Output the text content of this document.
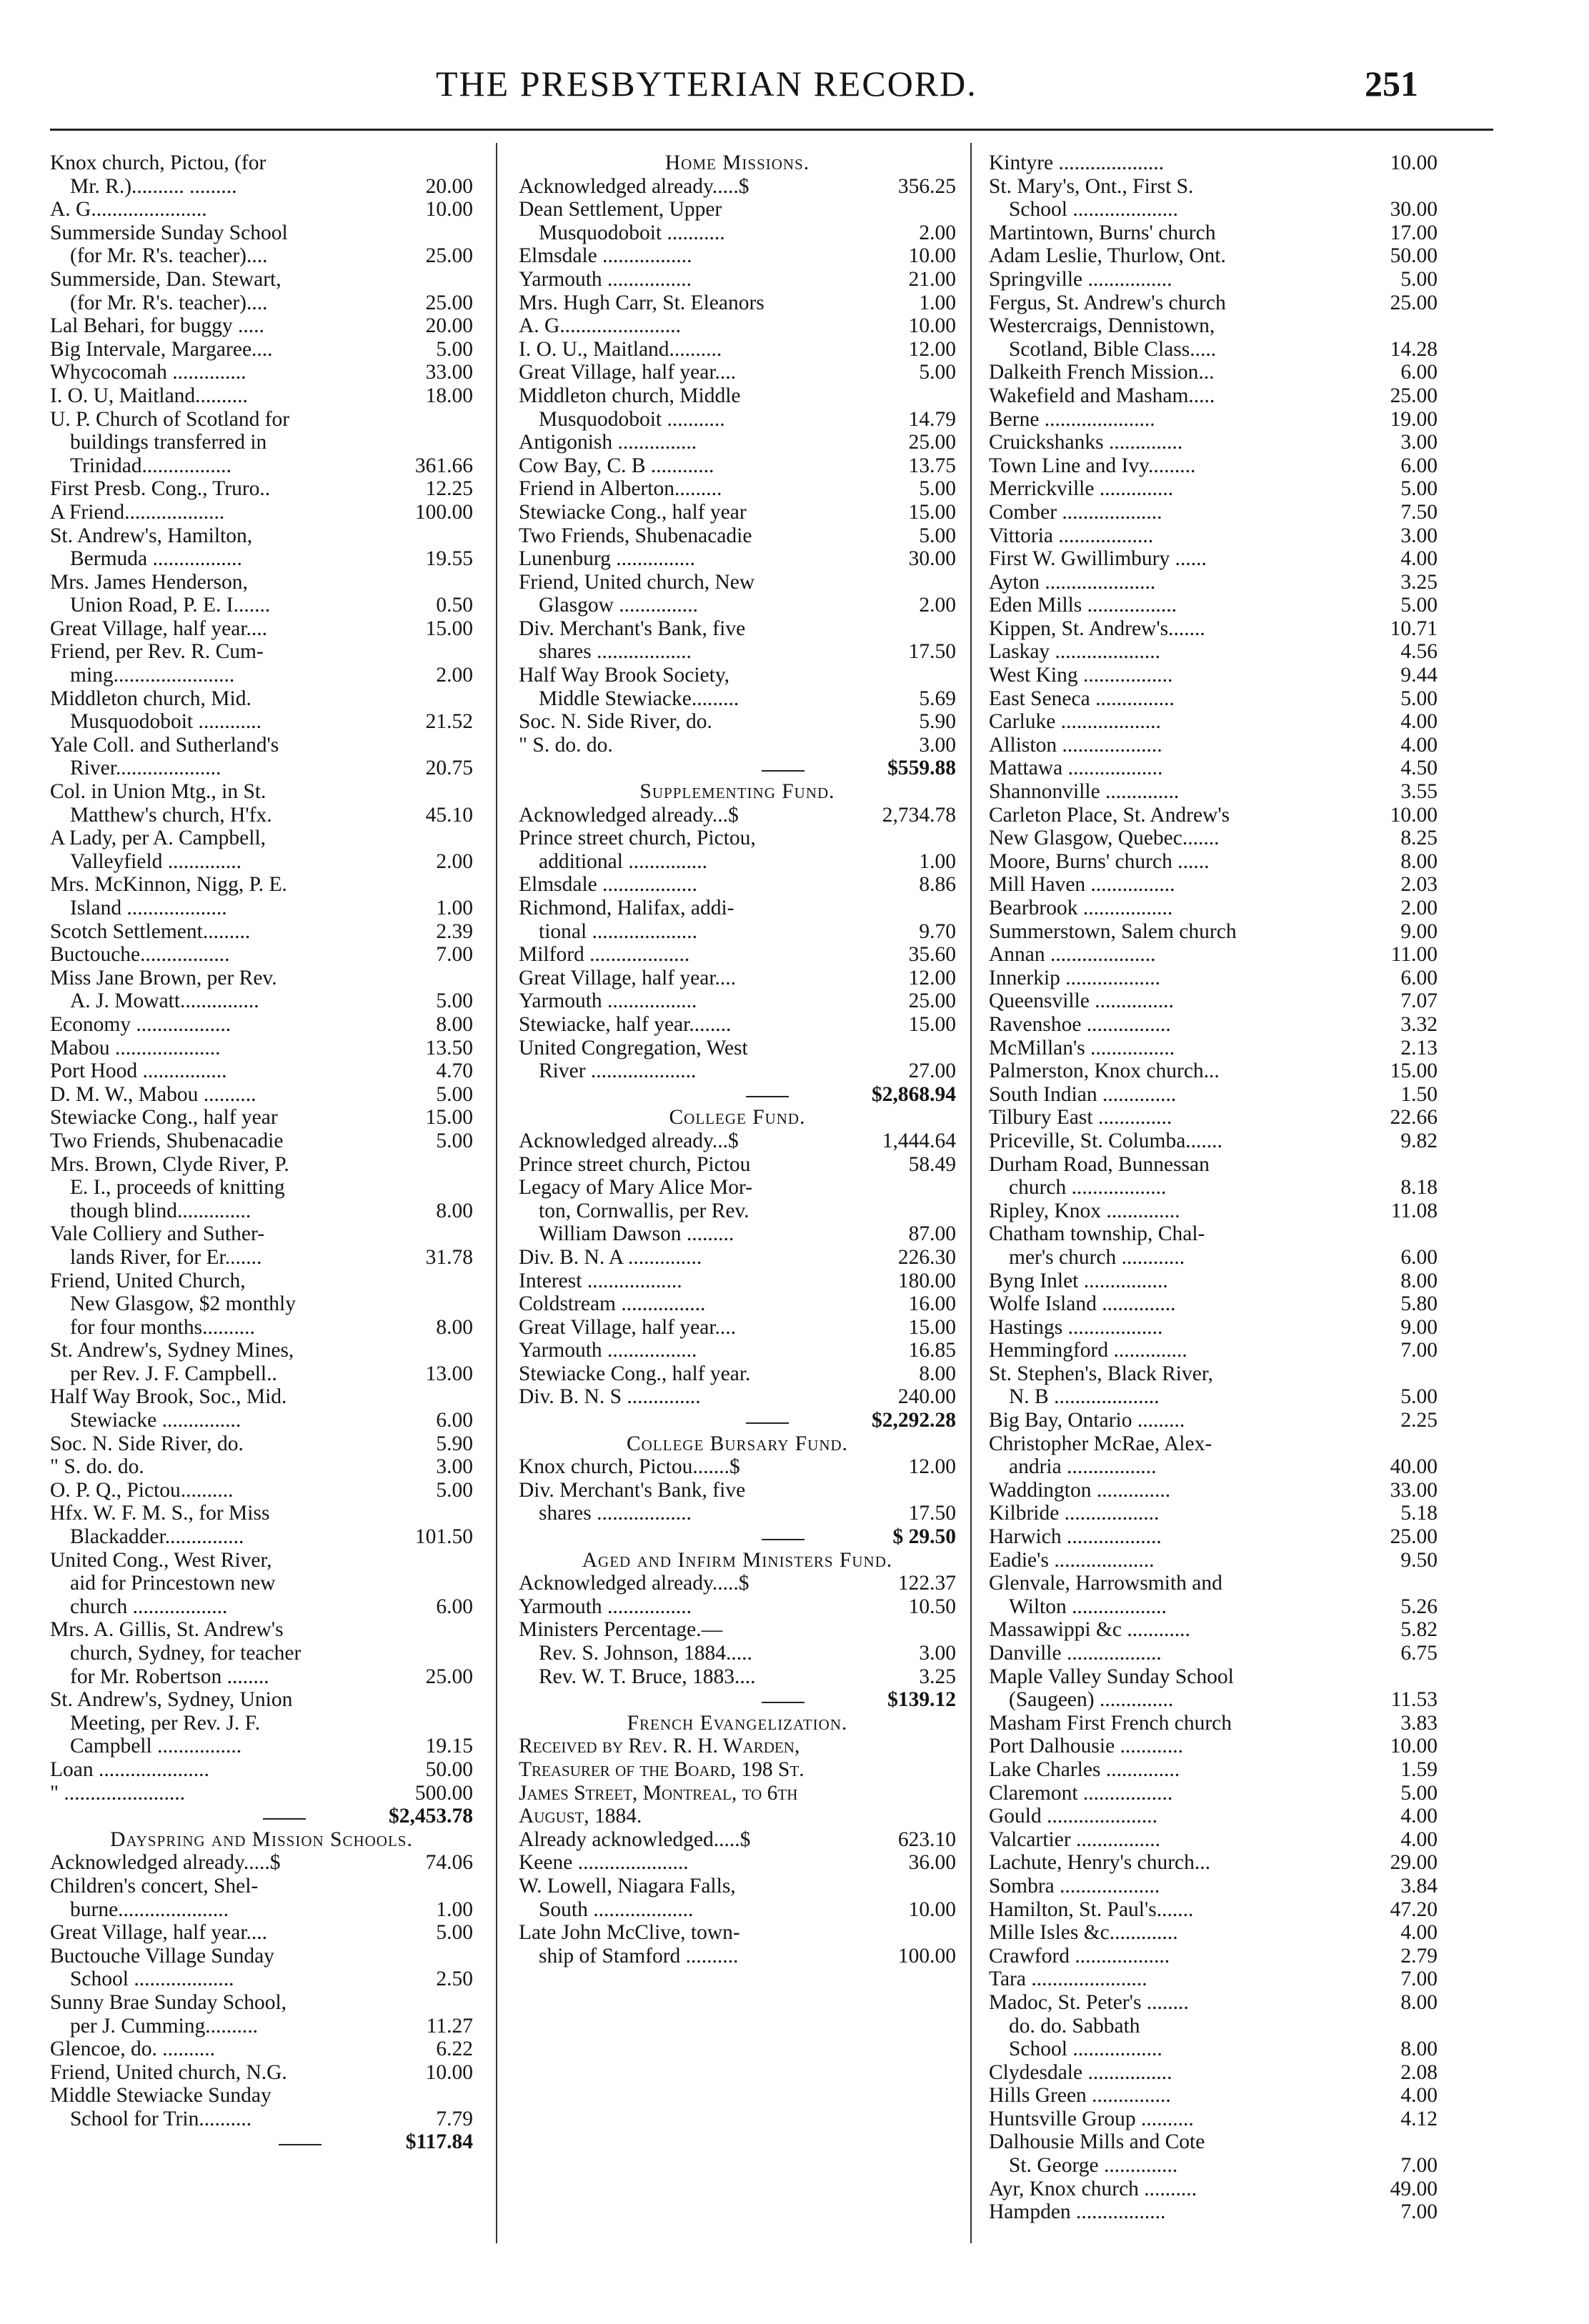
THE PRESBYTERIAN RECORD.	251
Knox church, Pictou, (for
Mr. R.).......... .........	20.00
A. G......................	10.00
Summerside Sunday School
(for Mr. R's. teacher)....	25.00
Summerside, Dan. Stewart,
(for Mr. R's. teacher)....	25.00
Lal Behari, for buggy .....	20.00
Big Intervale, Margaree....	5.00
Whycocomah ..............	33.00
I. O. U, Maitland..........	18.00
U. P. Church of Scotland for
buildings transferred in
Trinidad.................	361.66
First Presb. Cong., Truro..	12.25
A Friend...................	100.00
St. Andrew's, Hamilton,
Bermuda .................	19.55
Mrs. James Henderson,
Union Road, P. E. I.......	0.50
Great Village, half year....	15.00
Friend, per Rev. R. Cum-
ming.......................	2.00
Middleton church, Mid.
Musquodoboit ............	21.52
Yale Coll. and Sutherland's
River....................	20.75
Col. in Union Mtg., in St.
Matthew's church, H'fx.	45.10
A Lady, per A. Campbell,
Valleyfield ..............	2.00
Mrs. McKinnon, Nigg, P. E.
Island ...................	1.00
Scotch Settlement.........	2.39
Buctouche.................	7.00
Miss Jane Brown, per Rev.
A. J. Mowatt...............	5.00
Economy ..................	8.00
Mabou ....................	13.50
Port Hood ................	4.70
D. M. W., Mabou ..........	5.00
Stewiacke Cong., half year	15.00
Two Friends, Shubenacadie	5.00
Mrs. Brown, Clyde River, P.
E. I., proceeds of knitting
though blind..............	8.00
Vale Colliery and Suther-
lands River, for Er.......	31.78
Friend, United Church,
New Glasgow, $2 monthly
for four months..........	8.00
St. Andrew's, Sydney Mines,
per Rev. J. F. Campbell..	13.00
Half Way Brook, Soc., Mid.
Stewiacke ...............	6.00
Soc. N. Side River, do.	5.90
" S. do. do.	3.00
O. P. Q., Pictou..........	5.00
Hfx. W. F. M. S., for Miss
Blackadder...............	101.50
United Cong., West River,
aid for Princestown new
church ..................	6.00
Mrs. A. Gillis, St. Andrew's
church, Sydney, for teacher
for Mr. Robertson ........	25.00
St. Andrew's, Sydney, Union
Meeting, per Rev. J. F.
Campbell ................	19.15
Loan .....................	50.00
" .......................	500.00
$2,453.78
Dayspring and Mission Schools.
Acknowledged already.....$	74.06
Children's concert, Shel-
burne.....................	1.00
Great Village, half year....	5.00
Buctouche Village Sunday
School ...................	2.50
Sunny Brae Sunday School,
per J. Cumming..........	11.27
Glencoe, do. ..........	6.22
Friend, United church, N.G.	10.00
Middle Stewiacke Sunday
School for Trin..........	7.79
$117.84
Home Missions.
Acknowledged already.....$	356.25
Dean Settlement, Upper
Musquodoboit ...........	2.00
Elmsdale .................	10.00
Yarmouth ................	21.00
Mrs. Hugh Carr, St. Eleanors	1.00
A. G.......................	10.00
I. O. U., Maitland..........	12.00
Great Village, half year....	5.00
Middleton church, Middle
Musquodoboit ...........	14.79
Antigonish ...............	25.00
Cow Bay, C. B ............	13.75
Friend in Alberton.........	5.00
Stewiacke Cong., half year	15.00
Two Friends, Shubenacadie	5.00
Lunenburg ...............	30.00
Friend, United church, New
Glasgow ...............	2.00
Div. Merchant's Bank, five
shares ..................	17.50
Half Way Brook Society,
Middle Stewiacke.........	5.69
Soc. N. Side River, do.	5.90
" S. do. do.	3.00
$559.88
Supplementing Fund.
Acknowledged already...$	2,734.78
Prince street church, Pictou,
additional ...............	1.00
Elmsdale ..................	8.86
Richmond, Halifax, addi-
tional ....................	9.70
Milford ...................	35.60
Great Village, half year....	12.00
Yarmouth .................	25.00
Stewiacke, half year........	15.00
United Congregation, West
River ....................	27.00
$2,868.94
College Fund.
Acknowledged already...$	1,444.64
Prince street church, Pictou	58.49
Legacy of Mary Alice Mor-
ton, Cornwallis, per Rev.
William Dawson .........	87.00
Div. B. N. A ..............	226.30
Interest ..................	180.00
Coldstream ................	16.00
Great Village, half year....	15.00
Yarmouth .................	16.85
Stewiacke Cong., half year.	8.00
Div. B. N. S ..............	240.00
$2,292.28
College Bursary Fund.
Knox church, Pictou.......$	12.00
Div. Merchant's Bank, five
shares ..................	17.50
$ 29.50
Aged and Infirm Ministers Fund.
Acknowledged already.....$	122.37
Yarmouth ................	10.50
Ministers Percentage.—
Rev. S. Johnson, 1884.....	3.00
Rev. W. T. Bruce, 1883....	3.25
$139.12
French Evangelization.
Received by Rev. R. H. Warden,
Treasurer of the Board, 198 St.
James Street, Montreal, to 6th
August, 1884.
Already acknowledged.....$	623.10
Keene .....................	36.00
W. Lowell, Niagara Falls,
South ...................	10.00
Late John McClive, town-
ship of Stamford ..........	100.00
Kintyre ....................	10.00
St. Mary's, Ont., First S.
School ....................	30.00
Martintown, Burns' church	17.00
Adam Leslie, Thurlow, Ont.	50.00
Springville ................	5.00
Fergus, St. Andrew's church	25.00
Westercraigs, Dennistown,
Scotland, Bible Class.....	14.28
Dalkeith French Mission...	6.00
Wakefield and Masham.....	25.00
Berne .....................	19.00
Cruickshanks ..............	3.00
Town Line and Ivy.........	6.00
Merrickville ..............	5.00
Comber ...................	7.50
Vittoria ..................	3.00
First W. Gwillimbury ......	4.00
Ayton .....................	3.25
Eden Mills .................	5.00
Kippen, St. Andrew's.......	10.71
Laskay ....................	4.56
West King .................	9.44
East Seneca ...............	5.00
Carluke ...................	4.00
Alliston ...................	4.00
Mattawa ..................	4.50
Shannonville ..............	3.55
Carleton Place, St. Andrew's	10.00
New Glasgow, Quebec.......	8.25
Moore, Burns' church ......	8.00
Mill Haven ................	2.03
Bearbrook .................	2.00
Summerstown, Salem church	9.00
Annan ....................	11.00
Innerkip ..................	6.00
Queensville ...............	7.07
Ravenshoe ................	3.32
McMillan's ................	2.13
Palmerston, Knox church...	15.00
South Indian ..............	1.50
Tilbury East ..............	22.66
Priceville, St. Columba.......	9.82
Durham Road, Bunnessan
church ..................	8.18
Ripley, Knox ..............	11.08
Chatham township, Chal-
mer's church ............	6.00
Byng Inlet ................	8.00
Wolfe Island ..............	5.80
Hastings ..................	9.00
Hemmingford ..............	7.00
St. Stephen's, Black River,
N. B ....................	5.00
Big Bay, Ontario .........	2.25
Christopher McRae, Alex-
andria .................	40.00
Waddington ..............	33.00
Kilbride ..................	5.18
Harwich ..................	25.00
Eadie's ...................	9.50
Glenvale, Harrowsmith and
Wilton ..................	5.26
Massawippi &c ............	5.82
Danville ..................	6.75
Maple Valley Sunday School
(Saugeen) ..............	11.53
Masham First French church	3.83
Port Dalhousie ............	10.00
Lake Charles ..............	1.59
Claremont .................	5.00
Gould .....................	4.00
Valcartier ................	4.00
Lachute, Henry's church...	29.00
Sombra ...................	3.84
Hamilton, St. Paul's.......	47.20
Mille Isles &c.............	4.00
Crawford ..................	2.79
Tara ......................	7.00
Madoc, St. Peter's ........	8.00
do. do. Sabbath
School .................	8.00
Clydesdale ................	2.08
Hills Green ...............	4.00
Huntsville Group ..........	4.12
Dalhousie Mills and Cote
St. George ..............	7.00
Ayr, Knox church ..........	49.00
Hampden .................	7.00
